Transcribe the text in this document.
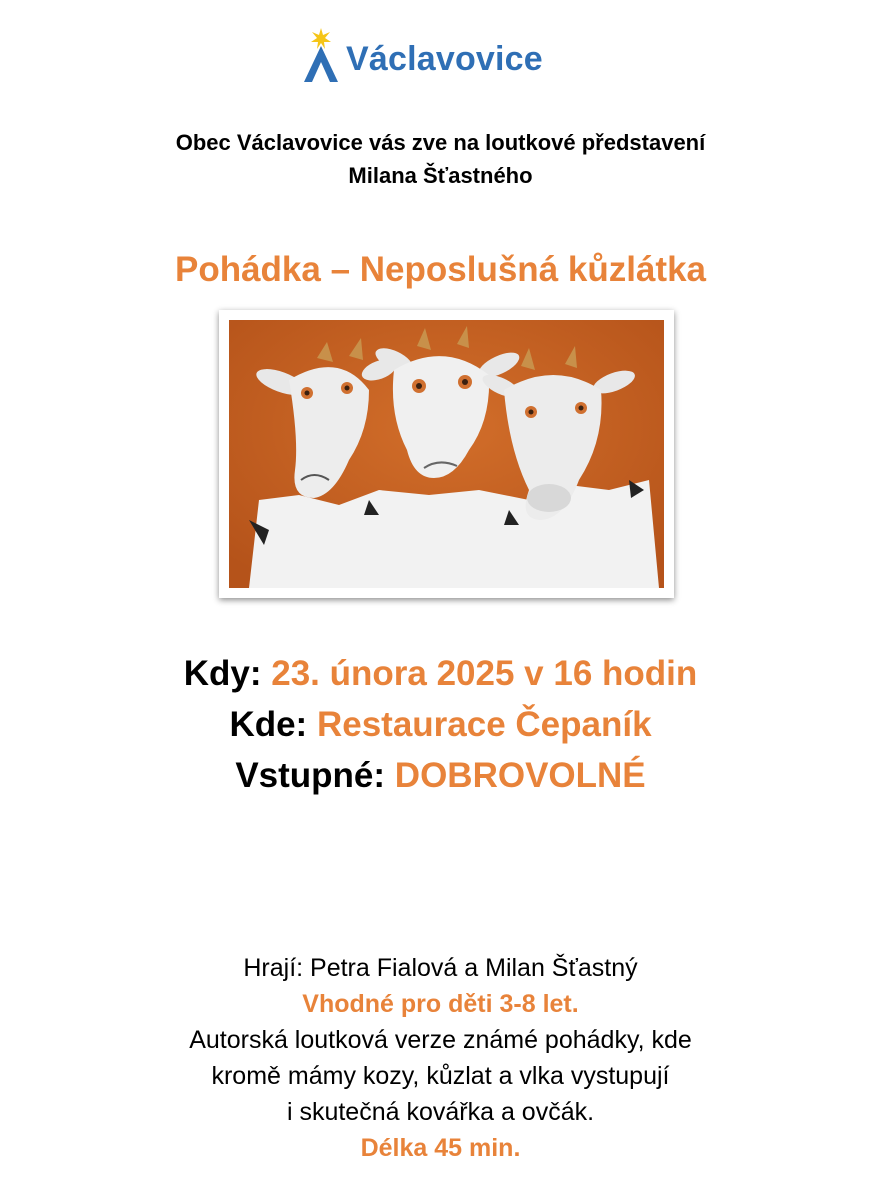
Václavovice
Obec Václavovice vás zve na loutkové představení
Milana Šťastného
Pohádka – Neposlušná kůzlátka
Kdy: 23. února 2025 v 16 hodin
Kde: Restaurace Čepaník
Vstupné: DOBROVOLNÉ
Hrají: Petra Fialová a Milan Šťastný
Vhodné pro děti 3-8 let.
Autorská loutková verze známé pohádky, kde
kromě mámy kozy, kůzlat a vlka vystupují
i skutečná kovářka a ovčák.
Délka 45 min.
